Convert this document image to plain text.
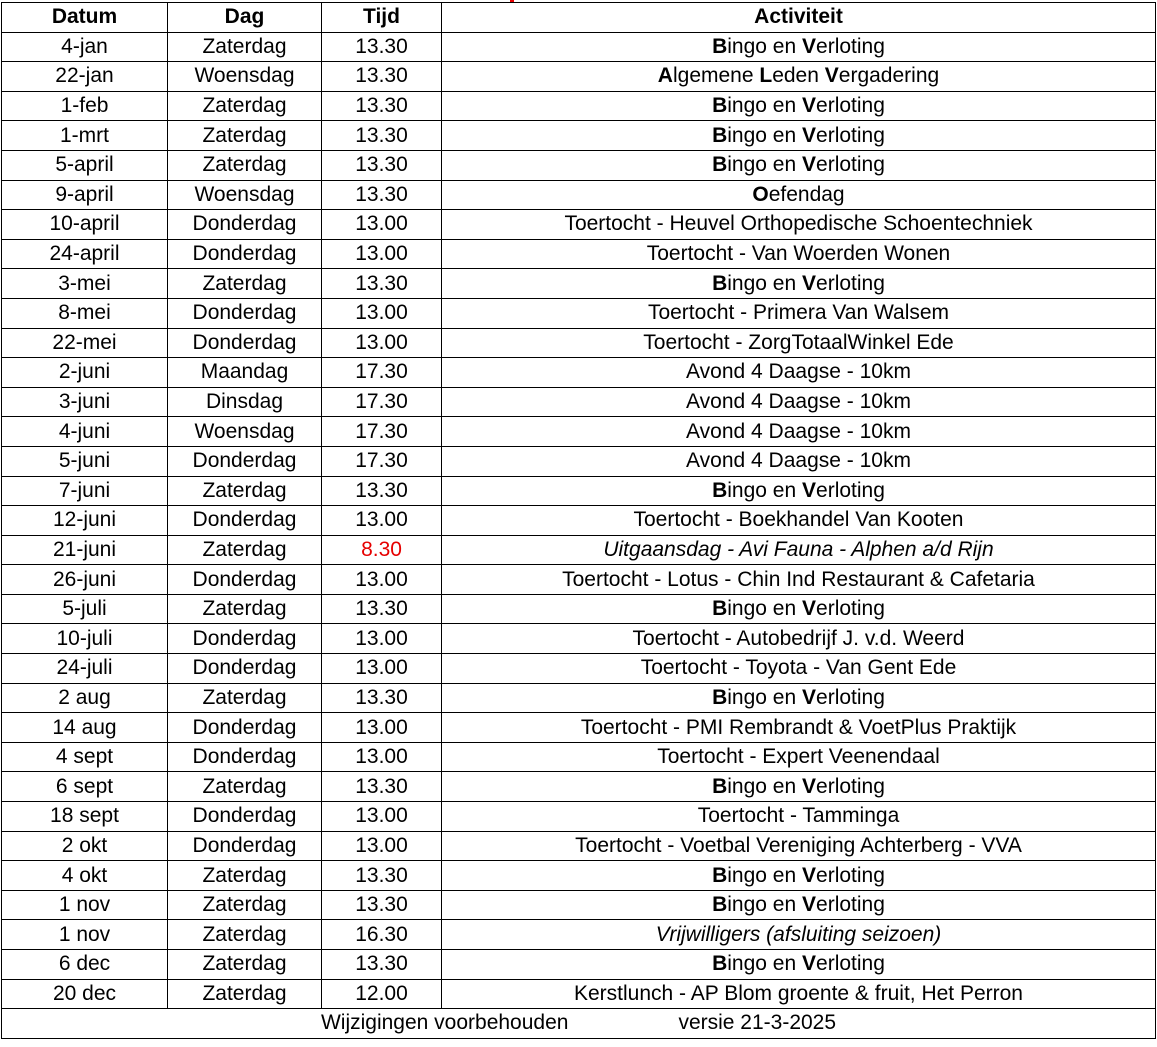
Datum	Dag	Tijd	Activiteit
4-jan	Zaterdag	13.30	Bingo en Verloting
22-jan	Woensdag	13.30	Algemene Leden Vergadering
1-feb	Zaterdag	13.30	Bingo en Verloting
1-mrt	Zaterdag	13.30	Bingo en Verloting
5-april	Zaterdag	13.30	Bingo en Verloting
9-april	Woensdag	13.30	Oefendag
10-april	Donderdag	13.00	Toertocht - Heuvel Orthopedische Schoentechniek
24-april	Donderdag	13.00	Toertocht - Van Woerden Wonen
3-mei	Zaterdag	13.30	Bingo en Verloting
8-mei	Donderdag	13.00	Toertocht - Primera Van Walsem
22-mei	Donderdag	13.00	Toertocht - ZorgTotaalWinkel Ede
2-juni	Maandag	17.30	Avond 4 Daagse - 10km
3-juni	Dinsdag	17.30	Avond 4 Daagse - 10km
4-juni	Woensdag	17.30	Avond 4 Daagse - 10km
5-juni	Donderdag	17.30	Avond 4 Daagse - 10km
7-juni	Zaterdag	13.30	Bingo en Verloting
12-juni	Donderdag	13.00	Toertocht - Boekhandel Van Kooten
21-juni	Zaterdag	8.30	Uitgaansdag - Avi Fauna - Alphen a/d Rijn
26-juni	Donderdag	13.00	Toertocht - Lotus - Chin Ind Restaurant & Cafetaria
5-juli	Zaterdag	13.30	Bingo en Verloting
10-juli	Donderdag	13.00	Toertocht - Autobedrijf J. v.d. Weerd
24-juli	Donderdag	13.00	Toertocht - Toyota - Van Gent Ede
2 aug	Zaterdag	13.30	Bingo en Verloting
14 aug	Donderdag	13.00	Toertocht - PMI Rembrandt & VoetPlus Praktijk
4 sept	Donderdag	13.00	Toertocht - Expert Veenendaal
6 sept	Zaterdag	13.30	Bingo en Verloting
18 sept	Donderdag	13.00	Toertocht - Tamminga
2 okt	Donderdag	13.00	Toertocht - Voetbal Vereniging Achterberg - VVA
4 okt	Zaterdag	13.30	Bingo en Verloting
1 nov	Zaterdag	13.30	Bingo en Verloting
1 nov	Zaterdag	16.30	Vrijwilligers (afsluiting seizoen)
6 dec	Zaterdag	13.30	Bingo en Verloting
20 dec	Zaterdag	12.00	Kerstlunch - AP Blom groente & fruit, Het Perron
Wijzigingen voorbehouden versie 21-3-2025			
